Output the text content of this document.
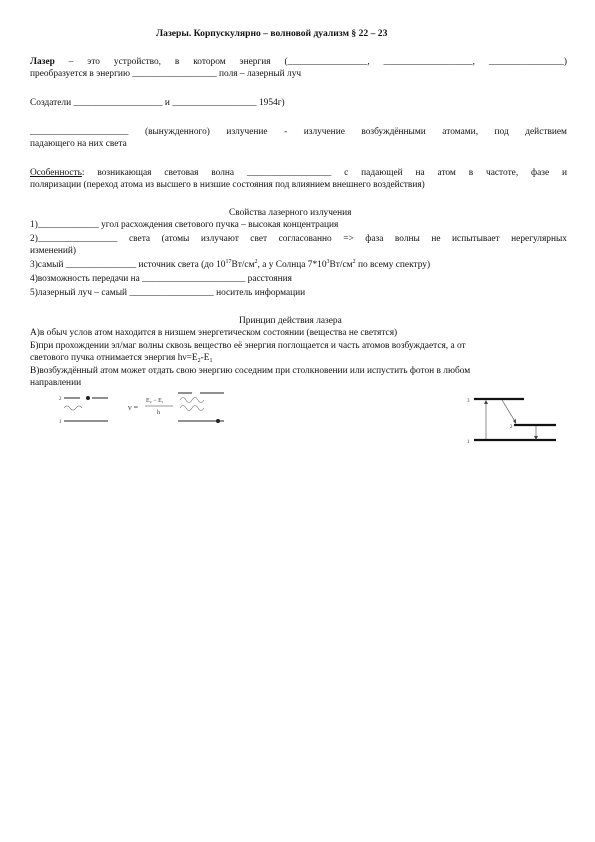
Лазеры. Корпускулярно – волновой дуализм § 22 – 23
Лазер – это устройство, в котором энергия (_________________, ___________________, ________________)
преобразуется в энергию __________________ поля – лазерный луч
Создатели ___________________ и __________________ 1954г)
_____________________ (вынужденного) излучение - излучение возбуждёнными атомами, под действием
падающего на них света
Особенность: возникающая световая волна __________________ с падающей на атом в частоте, фазе и
поляризации (переход атома из высшего в низшие состояния под влиянием внешнего воздействия)
Свойства лазерного излучения
1)_____________ угол расхождения светового пучка – высокая концентрация
2)_________________ света (атомы излучают свет согласованно => фаза волны не испытывает нерегулярных
изменений)
3)самый _______________ источник света (до $10^{17}Вт/см^2$, а у Солнца $7*10^3Вт/см^2$ по всему спектру)
4)возможность передачи на ______________________ расстояния
5)лазерный луч – самый __________________ носитель информации
Принцип действия лазера
А)в обыч услов атом находится в низшем энергетическом состоянии (вещества не светятся)
Б)при прохождении эл/маг волны сквозь вещество её энергия поглощается и часть атомов возбуждается, а от
светового пучка отнимается энергия $h\nu=E_2-E_1$
В)возбуждённый атом может отдать свою энергию соседним при столкновении или испустить фотон в любом
направлении
2
1
ν =
E₂ − E₁
h
3
2
1
